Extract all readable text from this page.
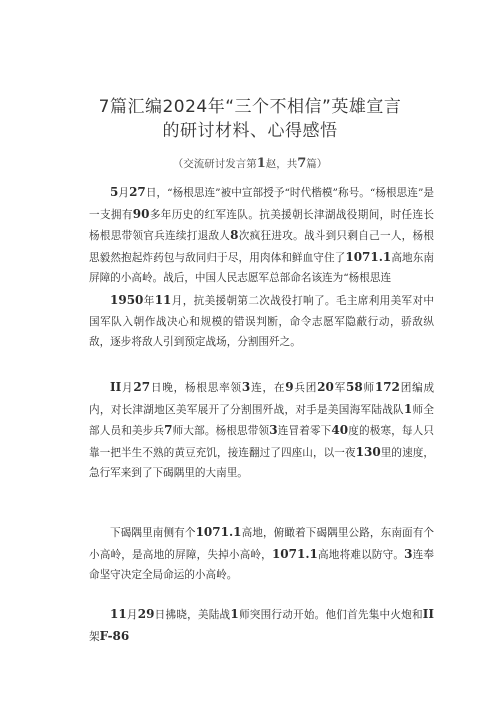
7篇汇编2024年“三个不相信”英雄宣言
的研讨材料、心得感悟
（交流研讨发言第1赵，共7篇）

5月27日，“杨根思连”被中宣部授予“时代楷模”称号。“杨根思连”是一支拥有90多年历史的红军连队。抗美援朝长津湖战役期间，时任连长杨根思带领官兵连续打退敌人8次疯狂进攻。战斗到只剩自己一人，杨根思毅然抱起炸药包与敌同归于尽，用肉体和鲜血守住了1071.1高地东南屏障的小高岭。战后，中国人民志愿军总部命名该连为“杨根思连

1950年11月，抗美援朝第二次战役打响了。毛主席利用美军对中国军队入朝作战决心和规模的错误判断，命令志愿军隐蔽行动，骄敌纵敌，逐步将敌人引到预定战场，分割围歼之。

II月27日晚，杨根思率领3连，在9兵团20军58师172团编成内，对长津湖地区美军展开了分割围歼战，对手是美国海军陆战队1师全部人员和美步兵7师大部。杨根思带领3连冒着零下40度的极寒，每人只靠一把半生不熟的黄豆充饥，接连翻过了四座山，以一夜130里的速度，急行军来到了下碣隅里的大南里。

下碣隅里南侧有个1071.1高地，俯瞰着下碣隅里公路，东南面有个小高岭，是高地的屏障，失掉小高岭，1071.1高地将难以防守。3连奉命坚守决定全局命运的小高岭。

11月29日拂晓，美陆战1师突围行动开始。他们首先集中火炮和II架F-86
